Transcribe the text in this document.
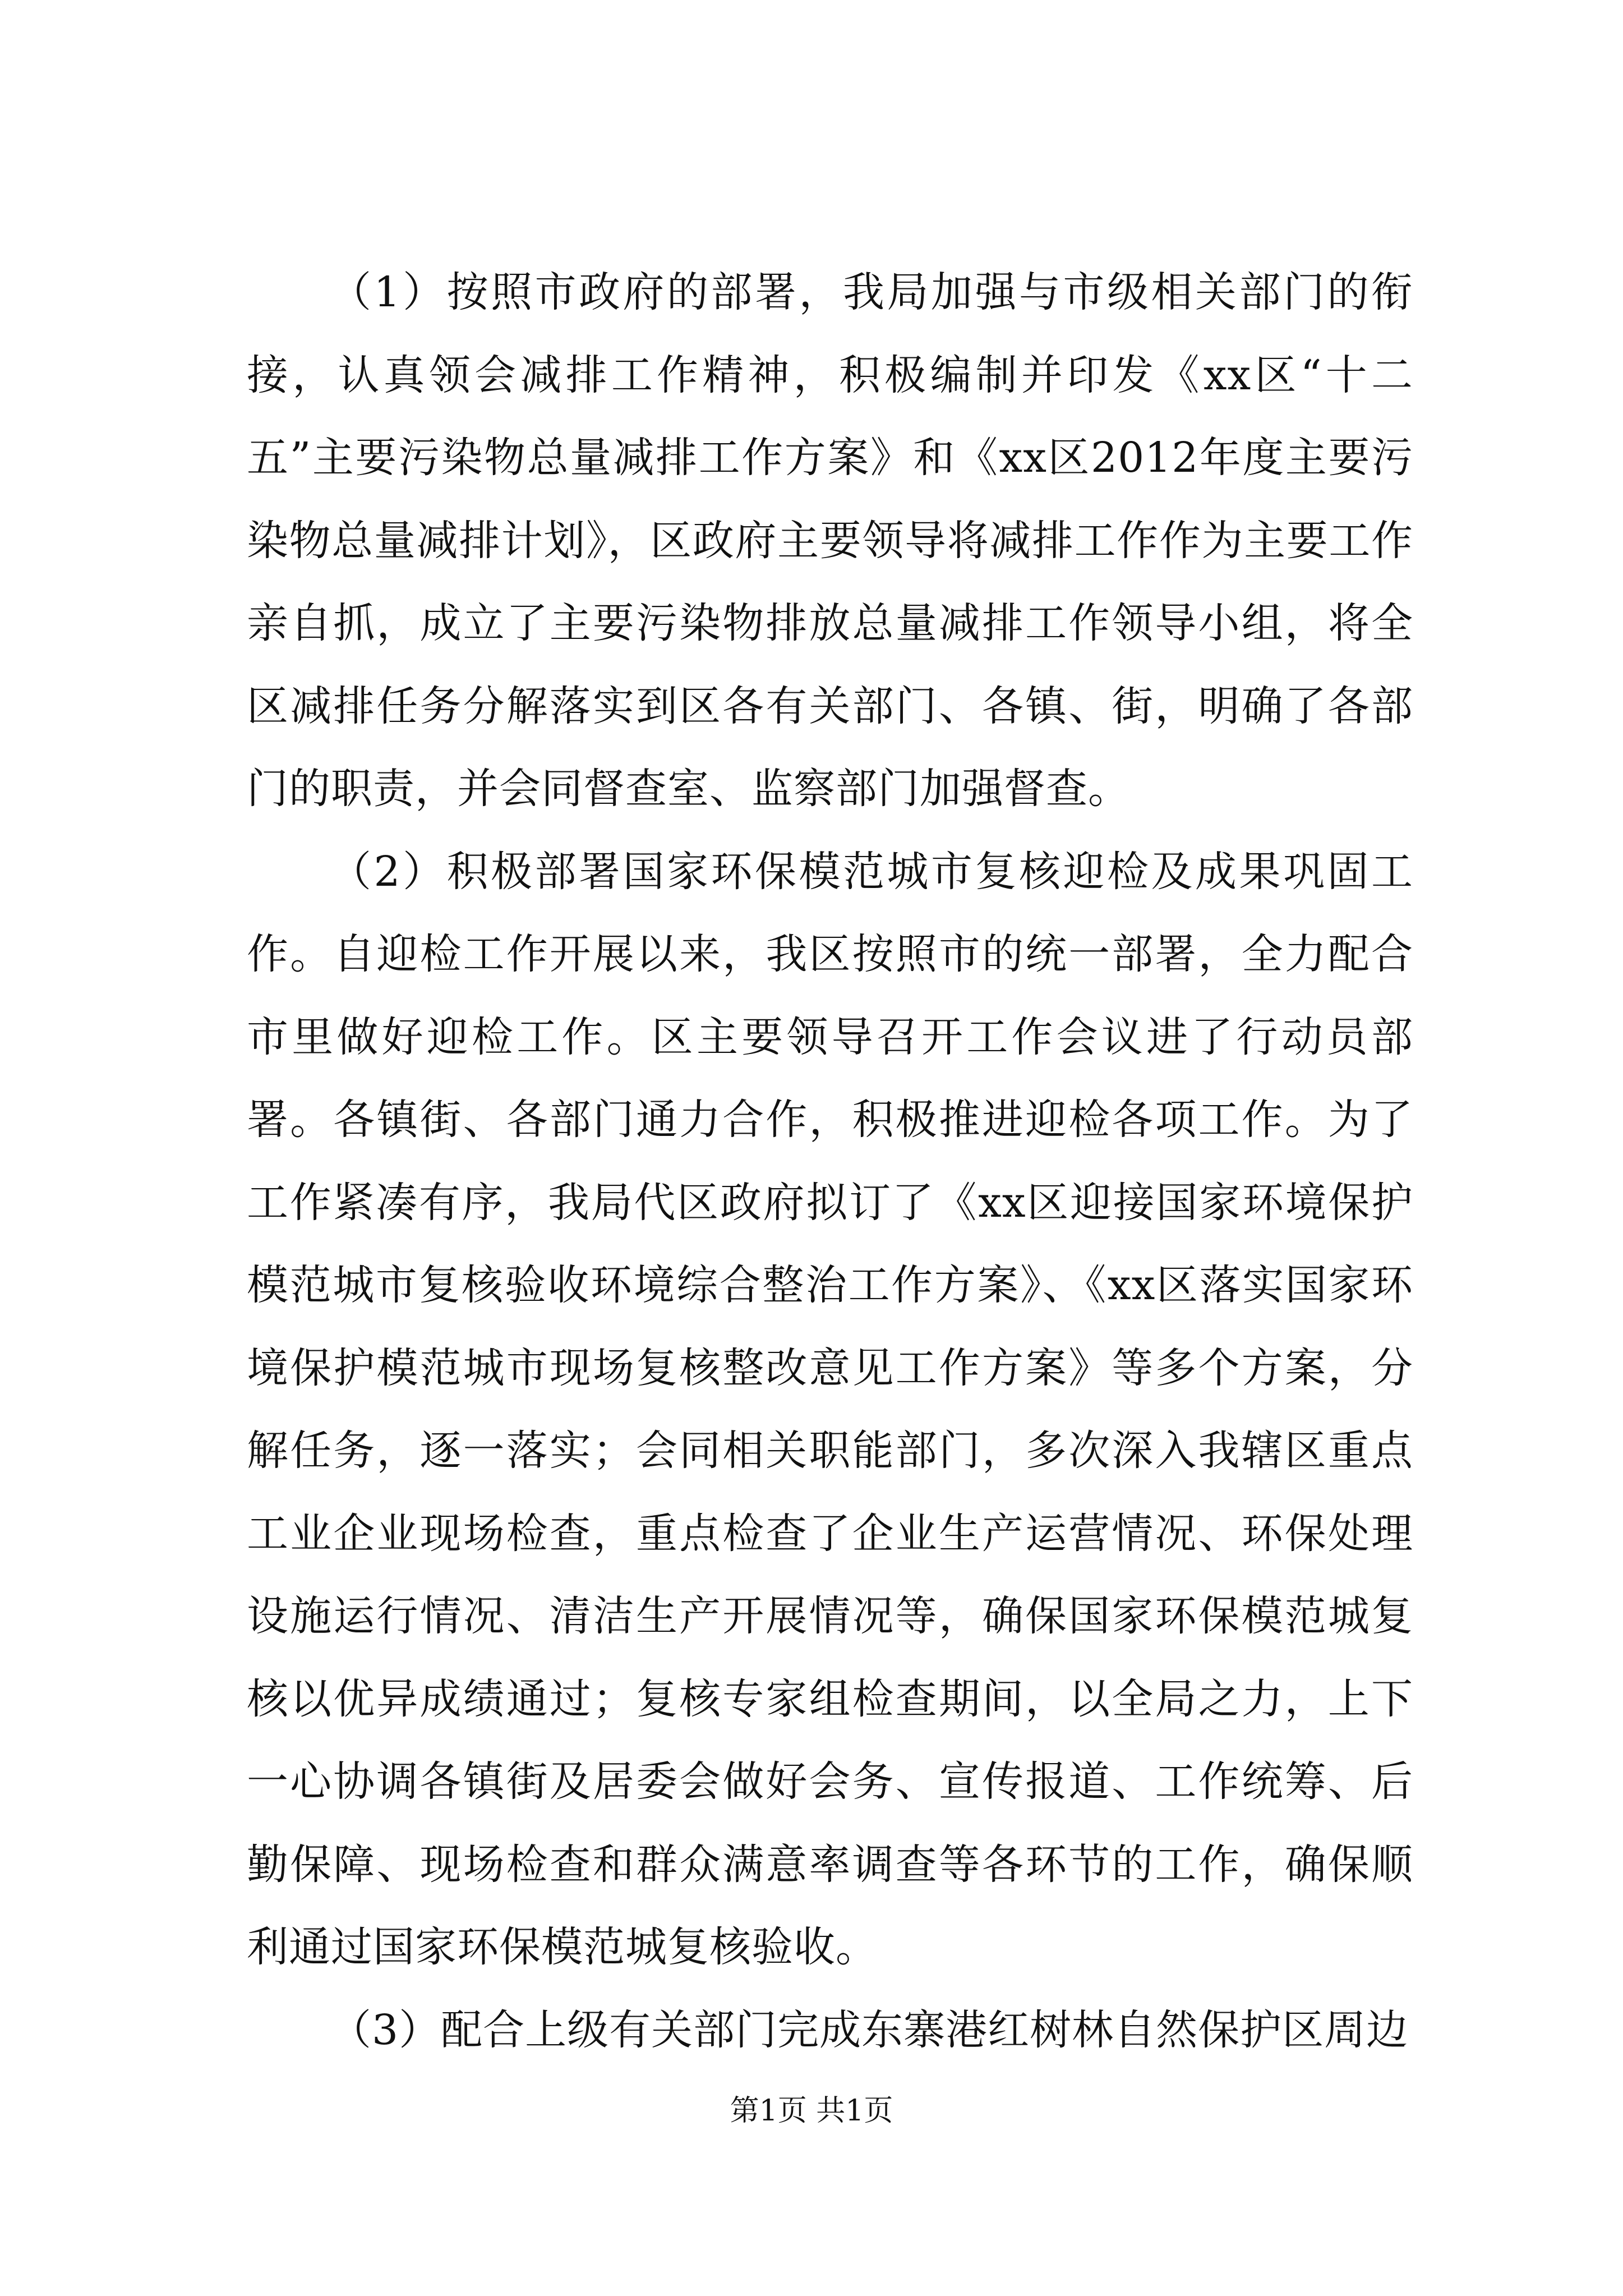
（1）按照市政府的部署，我局加强与市级相关部门的衔接，认真领会减排工作精神，积极编制并印发《xx区“十二五”主要污染物总量减排工作方案》和《xx区2012年度主要污染物总量减排计划》，区政府主要领导将减排工作作为主要工作亲自抓，成立了主要污染物排放总量减排工作领导小组，将全区减排任务分解落实到区各有关部门、各镇、街，明确了各部门的职责，并会同督查室、监察部门加强督查。

（2）积极部署国家环保模范城市复核迎检及成果巩固工作。自迎检工作开展以来，我区按照市的统一部署，全力配合市里做好迎检工作。区主要领导召开工作会议进了行动员部署。各镇街、各部门通力合作，积极推进迎检各项工作。为了工作紧凑有序，我局代区政府拟订了《xx区迎接国家环境保护模范城市复核验收环境综合整治工作方案》、《xx区落实国家环境保护模范城市现场复核整改意见工作方案》等多个方案，分解任务，逐一落实；会同相关职能部门，多次深入我辖区重点工业企业现场检查，重点检查了企业生产运营情况、环保处理设施运行情况、清洁生产开展情况等，确保国家环保模范城复核以优异成绩通过；复核专家组检查期间，以全局之力，上下一心协调各镇街及居委会做好会务、宣传报道、工作统筹、后勤保障、现场检查和群众满意率调查等各环节的工作，确保顺利通过国家环保模范城复核验收。

（3）配合上级有关部门完成东寨港红树林自然保护区周边

第1页 共1页
